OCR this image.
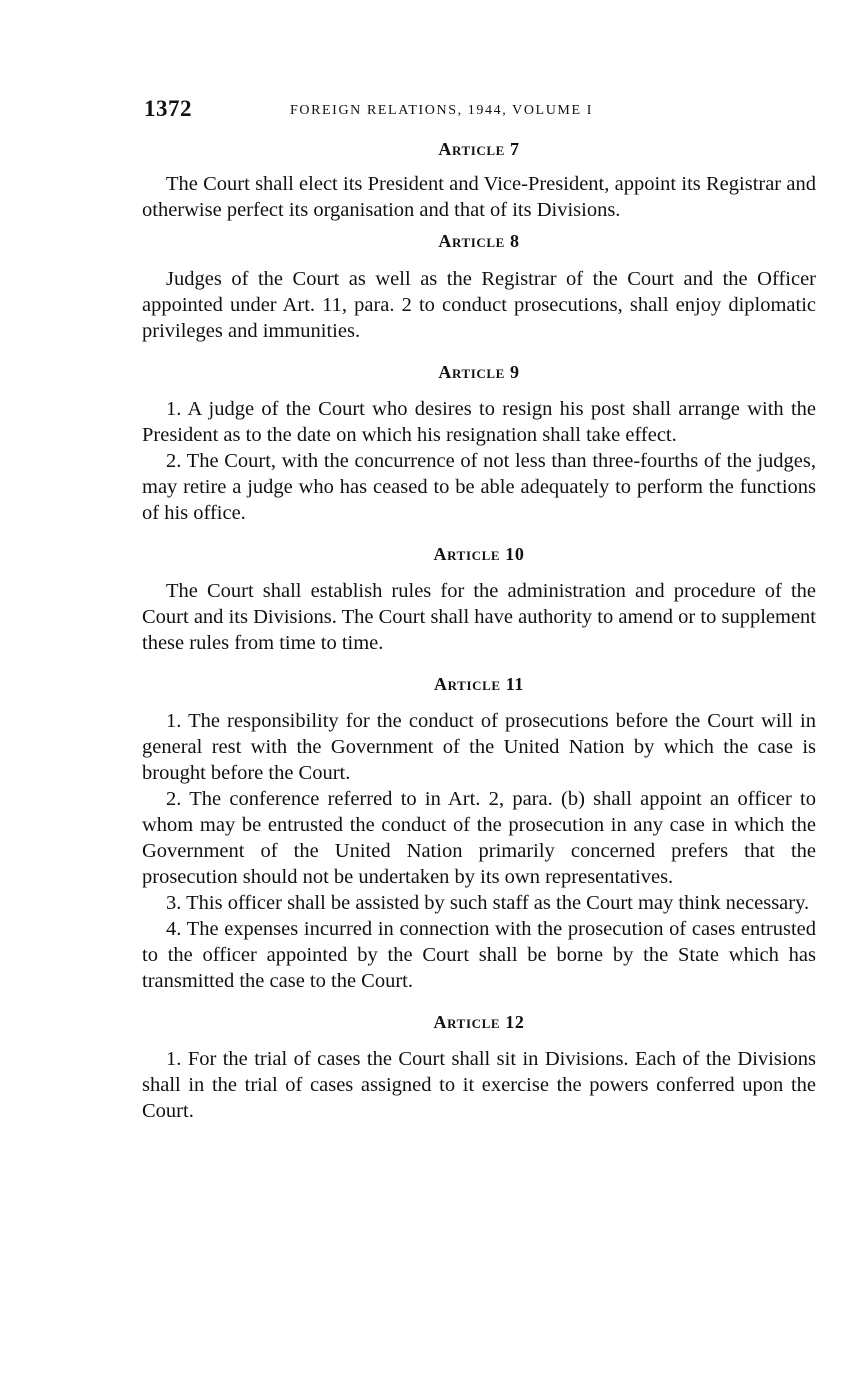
1372	FOREIGN RELATIONS, 1944, VOLUME I
Article 7

The Court shall elect its President and Vice-President, appoint its Registrar and otherwise perfect its organisation and that of its Divisions.

Article 8

Judges of the Court as well as the Registrar of the Court and the Officer appointed under Art. 11, para. 2 to conduct prosecutions, shall enjoy diplomatic privileges and immunities.

Article 9

1. A judge of the Court who desires to resign his post shall arrange with the President as to the date on which his resignation shall take effect.

2. The Court, with the concurrence of not less than three-fourths of the judges, may retire a judge who has ceased to be able adequately to perform the functions of his office.

Article 10

The Court shall establish rules for the administration and procedure of the Court and its Divisions. The Court shall have authority to amend or to supplement these rules from time to time.

Article 11

1. The responsibility for the conduct of prosecutions before the Court will in general rest with the Government of the United Nation by which the case is brought before the Court.

2. The conference referred to in Art. 2, para. (b) shall appoint an officer to whom may be entrusted the conduct of the prosecution in any case in which the Government of the United Nation primarily concerned prefers that the prosecution should not be undertaken by its own representatives.

3. This officer shall be assisted by such staff as the Court may think necessary.

4. The expenses incurred in connection with the prosecution of cases entrusted to the officer appointed by the Court shall be borne by the State which has transmitted the case to the Court.

Article 12

1. For the trial of cases the Court shall sit in Divisions. Each of the Divisions shall in the trial of cases assigned to it exercise the powers conferred upon the Court.
